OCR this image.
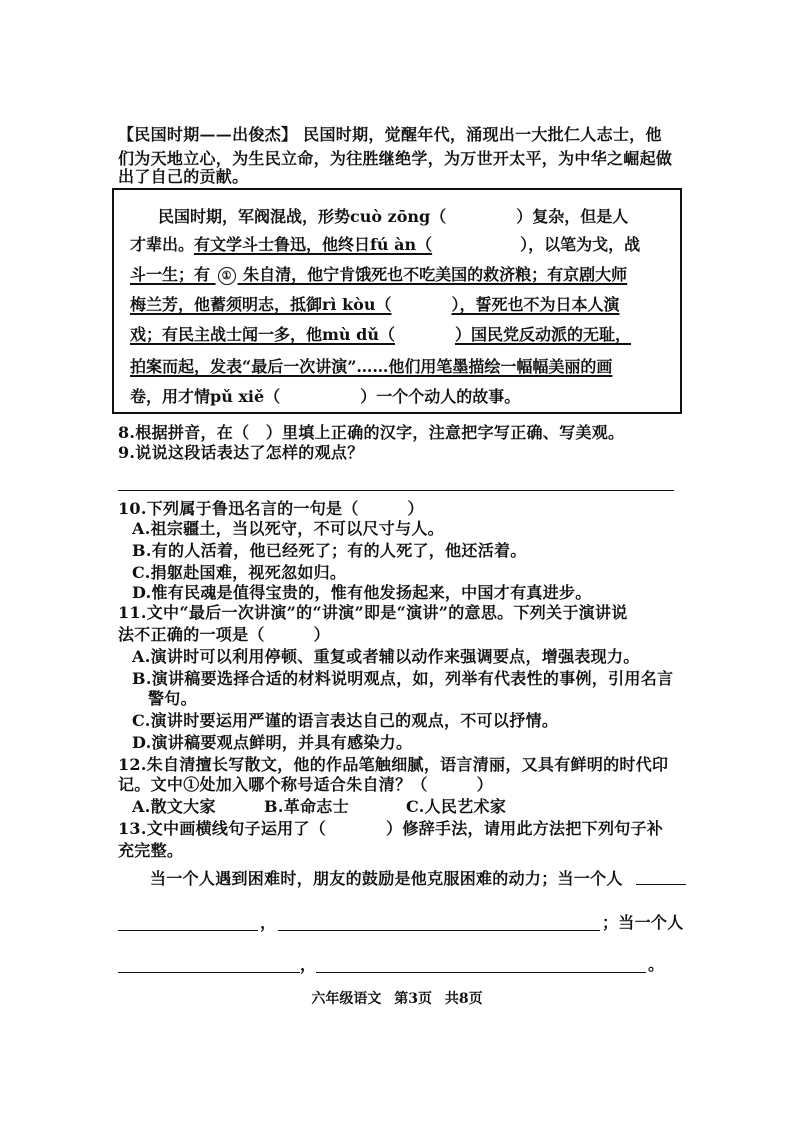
【民国时期——出俊杰】 民国时期，觉醒年代，涌现出一大批仁人志士，他
们为天地立心，为生民立命，为往胜继绝学，为万世开太平，为中华之崛起做
出了自己的贡献。
民国时期，军阀混战，形势cuò zōng（	）复杂，但是人
才辈出。有文学斗士鲁迅，他终日fú àn（	），以笔为戈，战
斗一生；有 ① 朱自清，他宁肯饿死也不吃美国的救济粮；有京剧大师
梅兰芳，他蓄须明志，抵御rì kòu（	），誓死也不为日本人演
戏；有民主战士闻一多，他mù dǔ（	）国民党反动派的无耻，
拍案而起，发表“最后一次讲演”……他们用笔墨描绘一幅幅美丽的画
卷，用才情pǔ xiě（	）一个个动人的故事。
8.根据拼音，在（　）里填上正确的汉字，注意把字写正确、写美观。
9.说说这段话表达了怎样的观点？
10.下列属于鲁迅名言的一句是（　　　）
A.祖宗疆土，当以死守，不可以尺寸与人。
B.有的人活着，他已经死了；有的人死了，他还活着。
C.捐躯赴国难，视死忽如归。
D.惟有民魂是值得宝贵的，惟有他发扬起来，中国才有真进步。
11.文中“最后一次讲演”的“讲演”即是“演讲”的意思。下列关于演讲说
法不正确的一项是（　　　）
A.演讲时可以利用停顿、重复或者辅以动作来强调要点，增强表现力。
B.演讲稿要选择合适的材料说明观点，如，列举有代表性的事例，引用名言
警句。
C.演讲时要运用严谨的语言表达自己的观点，不可以抒情。
D.演讲稿要观点鲜明，并具有感染力。
12.朱自清擅长写散文，他的作品笔触细腻，语言清丽，又具有鲜明的时代印
记。文中①处加入哪个称号适合朱自清？（　　　）
A.散文大家	B.革命志士	C.人民艺术家
13.文中画横线句子运用了（	）修辞手法，请用此方法把下列句子补
充完整。
当一个人遇到困难时，朋友的鼓励是他克服困难的动力；当一个人
，	；当一个人
，	。
六年级语文 第3页 共8页
